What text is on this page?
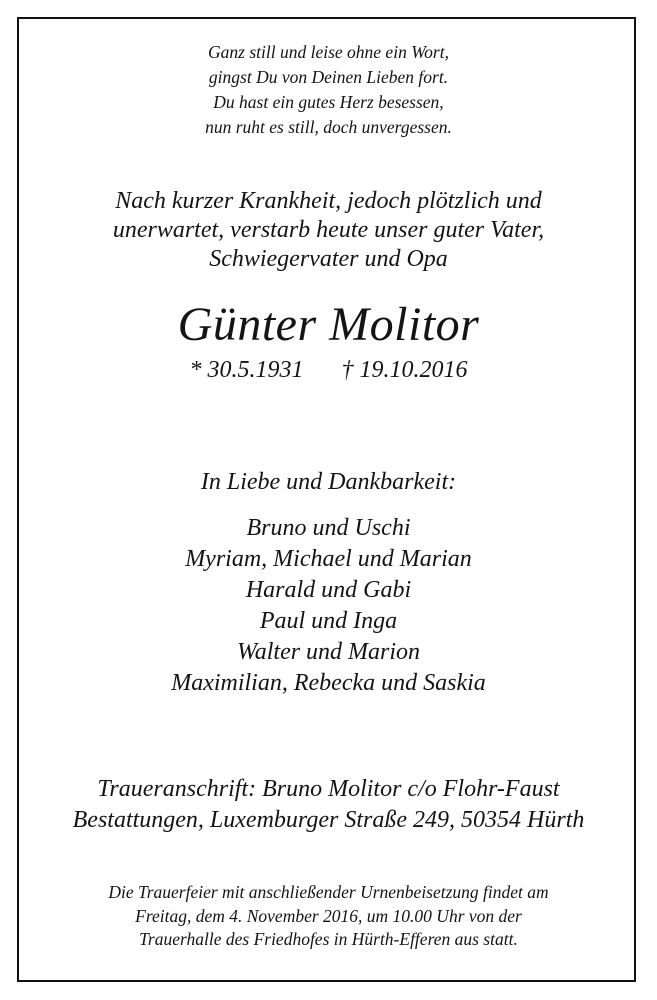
Ganz still und leise ohne ein Wort,
gingst Du von Deinen Lieben fort.
Du hast ein gutes Herz besessen,
nun ruht es still, doch unvergessen.
Nach kurzer Krankheit, jedoch plötzlich und
unerwartet, verstarb heute unser guter Vater,
Schwiegervater und Opa
Günter Molitor
* 30.5.1931 † 19.10.2016
In Liebe und Dankbarkeit:
Bruno und Uschi
Myriam, Michael und Marian
Harald und Gabi
Paul und Inga
Walter und Marion
Maximilian, Rebecka und Saskia
Traueranschrift: Bruno Molitor c/o Flohr-Faust
Bestattungen, Luxemburger Straße 249, 50354 Hürth
Die Trauerfeier mit anschließender Urnenbeisetzung findet am
Freitag, dem 4. November 2016, um 10.00 Uhr von der
Trauerhalle des Friedhofes in Hürth-Efferen aus statt.
